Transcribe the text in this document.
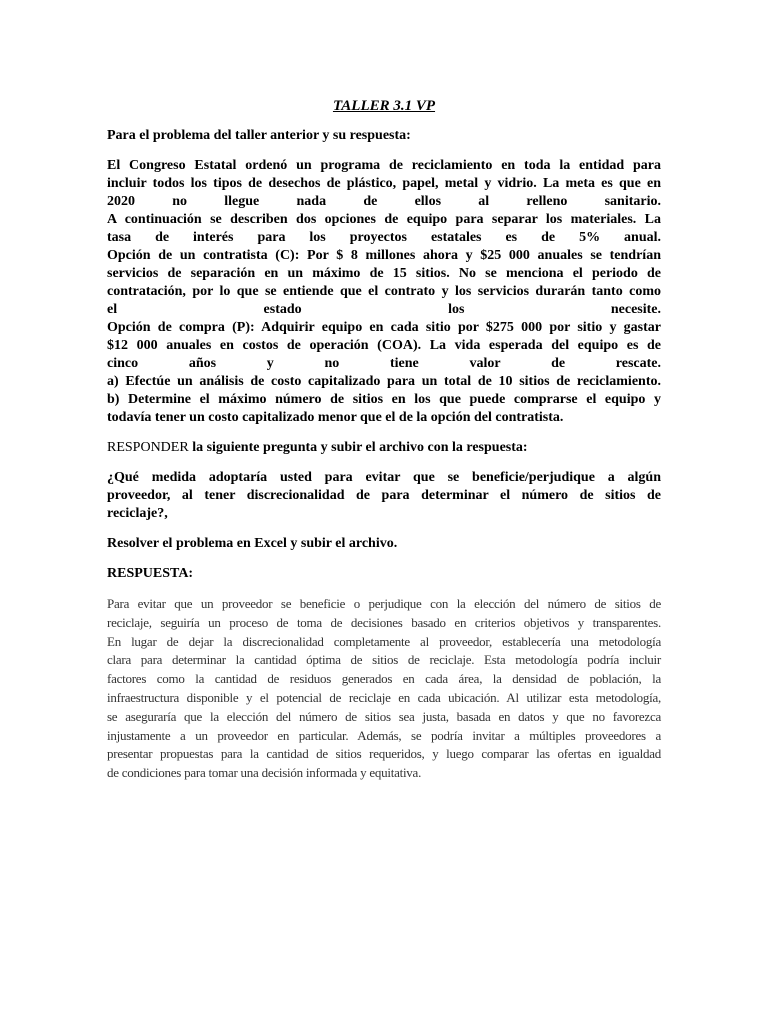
TALLER 3.1 VP

Para el problema del taller anterior y su respuesta:

El Congreso Estatal ordenó un programa de reciclamiento en toda la entidad para
incluir todos los tipos de desechos de plástico, papel, metal y vidrio. La meta es que en
2020 no llegue nada de ellos al relleno sanitario.
A continuación se describen dos opciones de equipo para separar los materiales. La
tasa de interés para los proyectos estatales es de 5% anual.
Opción de un contratista (C): Por $ 8 millones ahora y $25 000 anuales se tendrían
servicios de separación en un máximo de 15 sitios. No se menciona el periodo de
contratación, por lo que se entiende que el contrato y los servicios durarán tanto como
el estado los necesite.
Opción de compra (P): Adquirir equipo en cada sitio por $275 000 por sitio y gastar
$12 000 anuales en costos de operación (COA). La vida esperada del equipo es de
cinco años y no tiene valor de rescate.
a) Efectúe un análisis de costo capitalizado para un total de 10 sitios de reciclamiento.
b) Determine el máximo número de sitios en los que puede comprarse el equipo y
todavía tener un costo capitalizado menor que el de la opción del contratista.

RESPONDER la siguiente pregunta y subir el archivo con la respuesta:

¿Qué medida adoptaría usted para evitar que se beneficie/perjudique a algún
proveedor, al tener discrecionalidad de para determinar el número de sitios de
reciclaje?,

Resolver el problema en Excel y subir el archivo.

RESPUESTA:

Para evitar que un proveedor se beneficie o perjudique con la elección del número de sitios de
reciclaje, seguiría un proceso de toma de decisiones basado en criterios objetivos y transparentes.
En lugar de dejar la discrecionalidad completamente al proveedor, establecería una metodología
clara para determinar la cantidad óptima de sitios de reciclaje. Esta metodología podría incluir
factores como la cantidad de residuos generados en cada área, la densidad de población, la
infraestructura disponible y el potencial de reciclaje en cada ubicación. Al utilizar esta metodología,
se aseguraría que la elección del número de sitios sea justa, basada en datos y que no favorezca
injustamente a un proveedor en particular. Además, se podría invitar a múltiples proveedores a
presentar propuestas para la cantidad de sitios requeridos, y luego comparar las ofertas en igualdad
de condiciones para tomar una decisión informada y equitativa.
